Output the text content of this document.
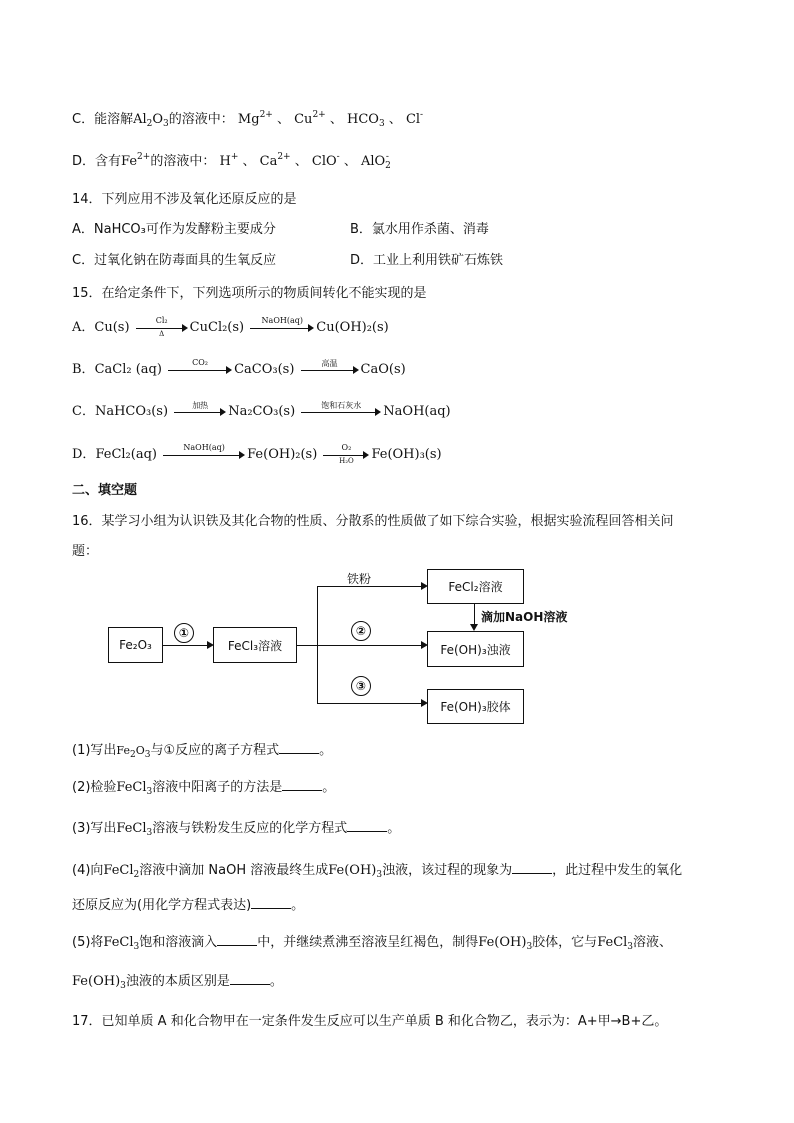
C．能溶解$Al_2O_3$的溶液中： $Mg^{2+}$ 、 $Cu^{2+}$ 、 $HCO_3$ 、 Cl-
D．含有$Fe^{2+}$的溶液中： H+ 、 $Ca^{2+}$ 、 ClO- 、 AlO$_2$-
14．下列应用不涉及氧化还原反应的是
A．NaHCO₃可作为发酵粉主要成分	B．氯水用作杀菌、消毒
C．过氧化钠在防毒面具的生氧反应	D．工业上利用铁矿石炼铁
15．在给定条件下，下列选项所示的物质间转化不能实现的是
A．$Cu(s) \frac{\text{Cl₂}}{\Delta}$ CuCl₂(s)	NaOH(aq)	Cu(OH)₂(s)
B．CaCl₂ (aq)	CO₂	CaCO₃(s)	高温	CaO(s)
C．NaHCO₃(s)	加热	Na₂CO₃(s)	饱和石灰水	NaOH(aq)
D．FeCl₂(aq)	NaOH(aq)	$Fe(OH)_2(s) \frac{\text{O₂}}{\text{H₂O}} Fe(OH)_3(s)$
二、填空题
16．某学习小组为认识铁及其化合物的性质、分散系的性质做了如下综合实验，根据实验流程回答相关问
题：
Fe₂O₃
①
FeCl₃溶液
②
铁粉
③
FeCl₂溶液
滴加NaOH溶液
Fe(OH)₃浊液
Fe(OH)₃胶体
(1)写出$Fe_2O_3$与①反应的离子方程式	。
(2)检验FeCl$_3$溶液中阳离子的方法是	。
(3)写出FeCl$_3$溶液与铁粉发生反应的化学方程式	。
(4)向FeCl$_2$溶液中滴加 NaOH 溶液最终生成$Fe(OH)_3$浊液，该过程的现象为	，此过程中发生的氧化
还原反应为(用化学方程式表达)	。
(5)将FeCl$_3$饱和溶液滴入	中，并继续煮沸至溶液呈红褐色，制得$Fe(OH)_3$胶体，它与FeCl$_3$溶液、
$Fe(OH)_3$浊液的本质区别是	。
17．已知单质 A 和化合物甲在一定条件发生反应可以生产单质 B 和化合物乙，表示为：A+甲→B+乙。
